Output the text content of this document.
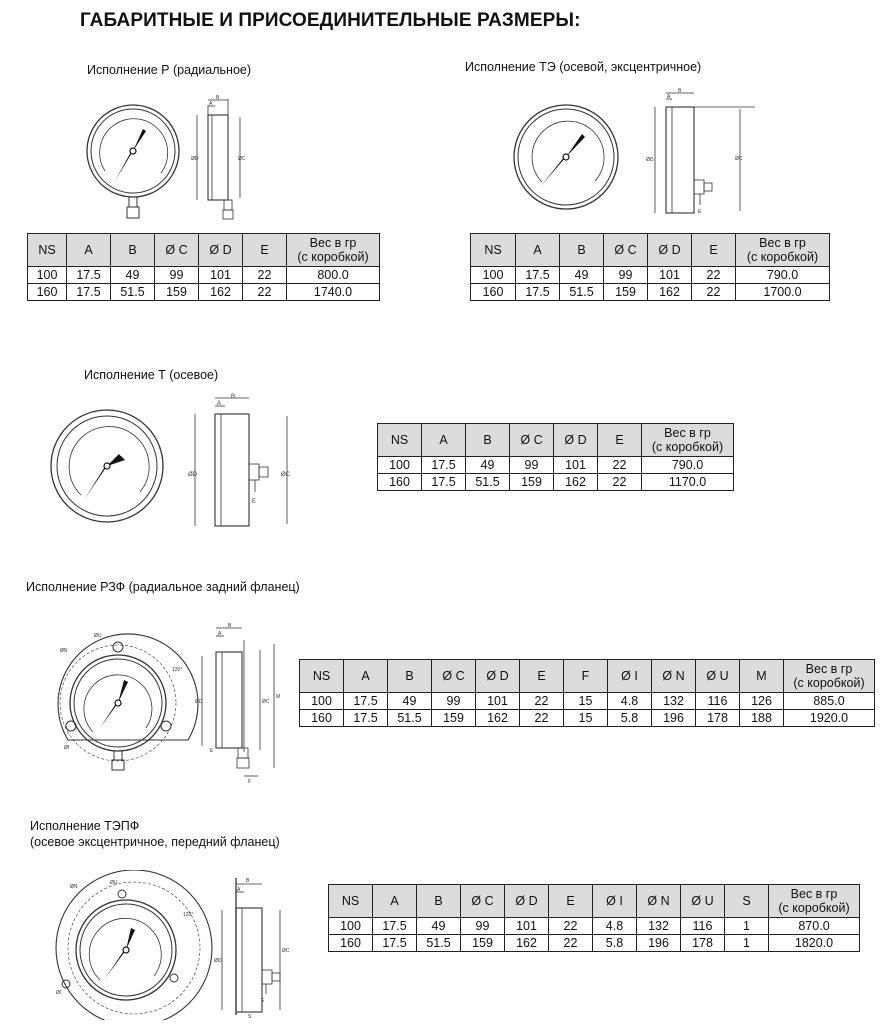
ГАБАРИТНЫЕ И ПРИСОЕДИНИТЕЛЬНЫЕ РАЗМЕРЫ:
Исполнение Р (радиальное)	Исполнение ТЭ (осевой, эксцентричное)
Исполнение Т (осевое)
Исполнение РЗФ (радиальное задний фланец)
Исполнение ТЭПФ
(осевое эксцентричное, передний фланец)
B
A
ØD	ØC
B
A
ØD	ØC
E
B
A
ØD	ØC
E
ØN
ØU
120°
ØI
B
A
ØD	ØC
M
E
F
ØN
ØU
120°
ØI
B
A
ØD
ØC
E
S
NS	A	B	Ø C	Ø D	E	Вес в гр
(с коробкой)
100	17.5	49	99	101	22	800.0
160	17.5	51.5	159	162	22	1740.0
NS	A	B	Ø C	Ø D	E	Вес в гр
(с коробкой)
100	17.5	49	99	101	22	790.0
160	17.5	51.5	159	162	22	1700.0
NS	A	B	Ø C	Ø D	E	Вес в гр
(с коробкой)
100	17.5	49	99	101	22	790.0
160	17.5	51.5	159	162	22	1170.0
NS	A	B	Ø C	Ø D	E	F	Ø I	Ø N	Ø U	M	Вес в гр
(с коробкой)
100	17.5	49	99	101	22	15	4.8	132	116	126	885.0
160	17.5	51.5	159	162	22	15	5.8	196	178	188	1920.0
NS	A	B	Ø C	Ø D	E	Ø I	Ø N	Ø U	S	Вес в гр
(с коробкой)
100	17.5	49	99	101	22	4.8	132	116	1	870.0
160	17.5	51.5	159	162	22	5.8	196	178	1	1820.0
